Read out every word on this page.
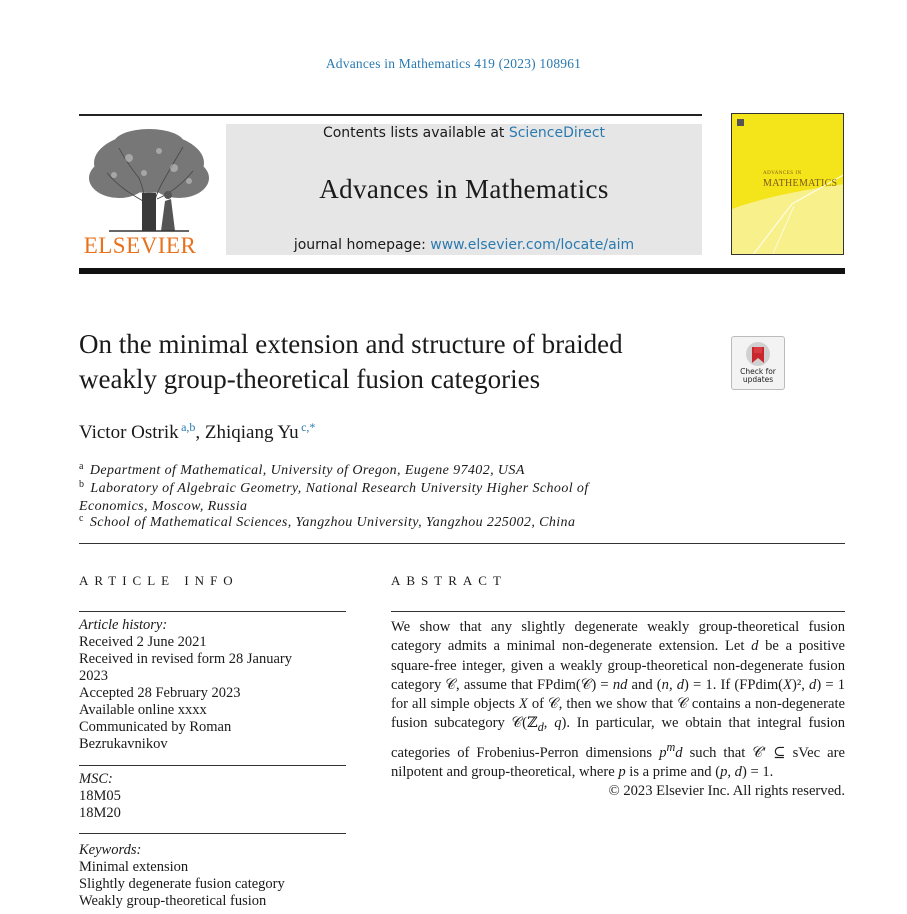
Advances in Mathematics 419 (2023) 108961
ELSEVIER
Contents lists available at ScienceDirect
Advances in Mathematics
journal homepage: www.elsevier.com/locate/aim
ADVANCES IN
MATHEMATICS
On the minimal extension and structure of braided
weakly group-theoretical fusion categories	Check for
updates
Victor Ostrik  $^{a,b}$, Zhiqiang Yu  $^{c,*}$
$^a$ Department of Mathematical, University of Oregon, Eugene 97402, USA
$^b$ Laboratory of Algebraic Geometry, National Research University Higher School of
Economics, Moscow, Russia
$^c$ School of Mathematical Sciences, Yangzhou University, Yangzhou 225002, China
ARTICLE INFO	ABSTRACT
Article history:
Received 2 June 2021
Received in revised form 28 January
2023
Accepted 28 February 2023
Available online xxxx
Communicated by Roman
Bezrukavnikov
MSC:
18M05
18M20
Keywords:
Minimal extension
Slightly degenerate fusion category
Weakly group-theoretical fusion
We show that any slightly degenerate weakly group-theoretical fusion category admits a minimal non-degenerate extension. Let d be a positive square-free integer, given a weakly group-theoretical non-degenerate fusion category 𝒞, assume that FPdim(𝒞) = nd and (n, d) = 1. If (FPdim(X)², d) = 1 for all simple objects X of 𝒞, then we show that 𝒞 contains a non-degenerate fusion subcategory 𝒞(ℤ$_d$, q). In particular, we obtain that integral fusion categories of Frobenius-Perron dimensions $p^md$ such that 𝒞′ ⊆ sVec are nilpotent and group-theoretical, where p is a prime and (p, d) = 1.
© 2023 Elsevier Inc. All rights reserved.
